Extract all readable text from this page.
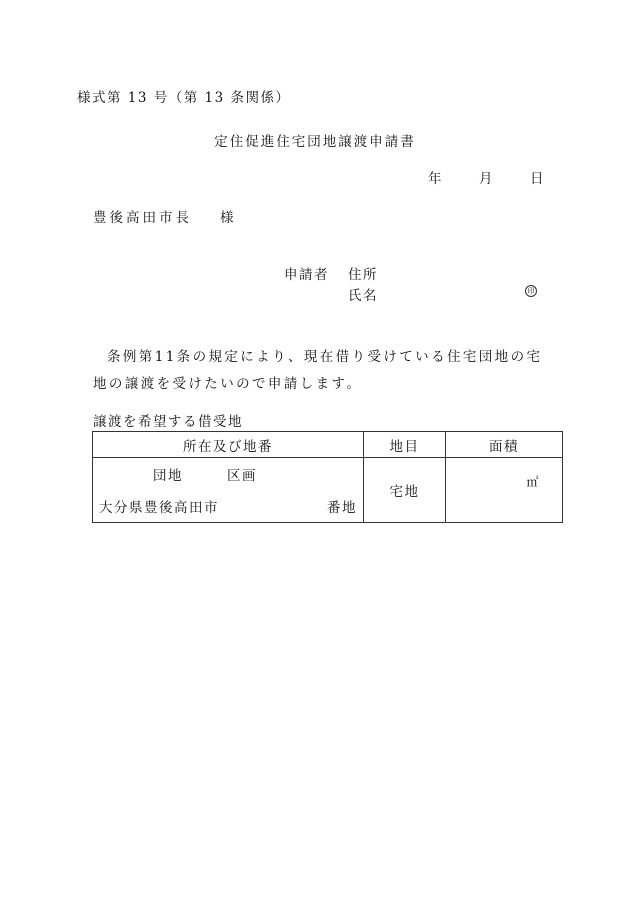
様式第 13 号（第 13 条関係）
定住促進住宅団地譲渡申請書
年	月	日
豊後高田市長 様
申請者 住所
氏名	印
条例第11条の規定により、現在借り受けている住宅団地の宅地の譲渡を受けたいので申請します。
譲渡を希望する借受地
所在及び地番	地目	面積

団地 区画
大分県豊後高田市 番地	宅地	㎡
